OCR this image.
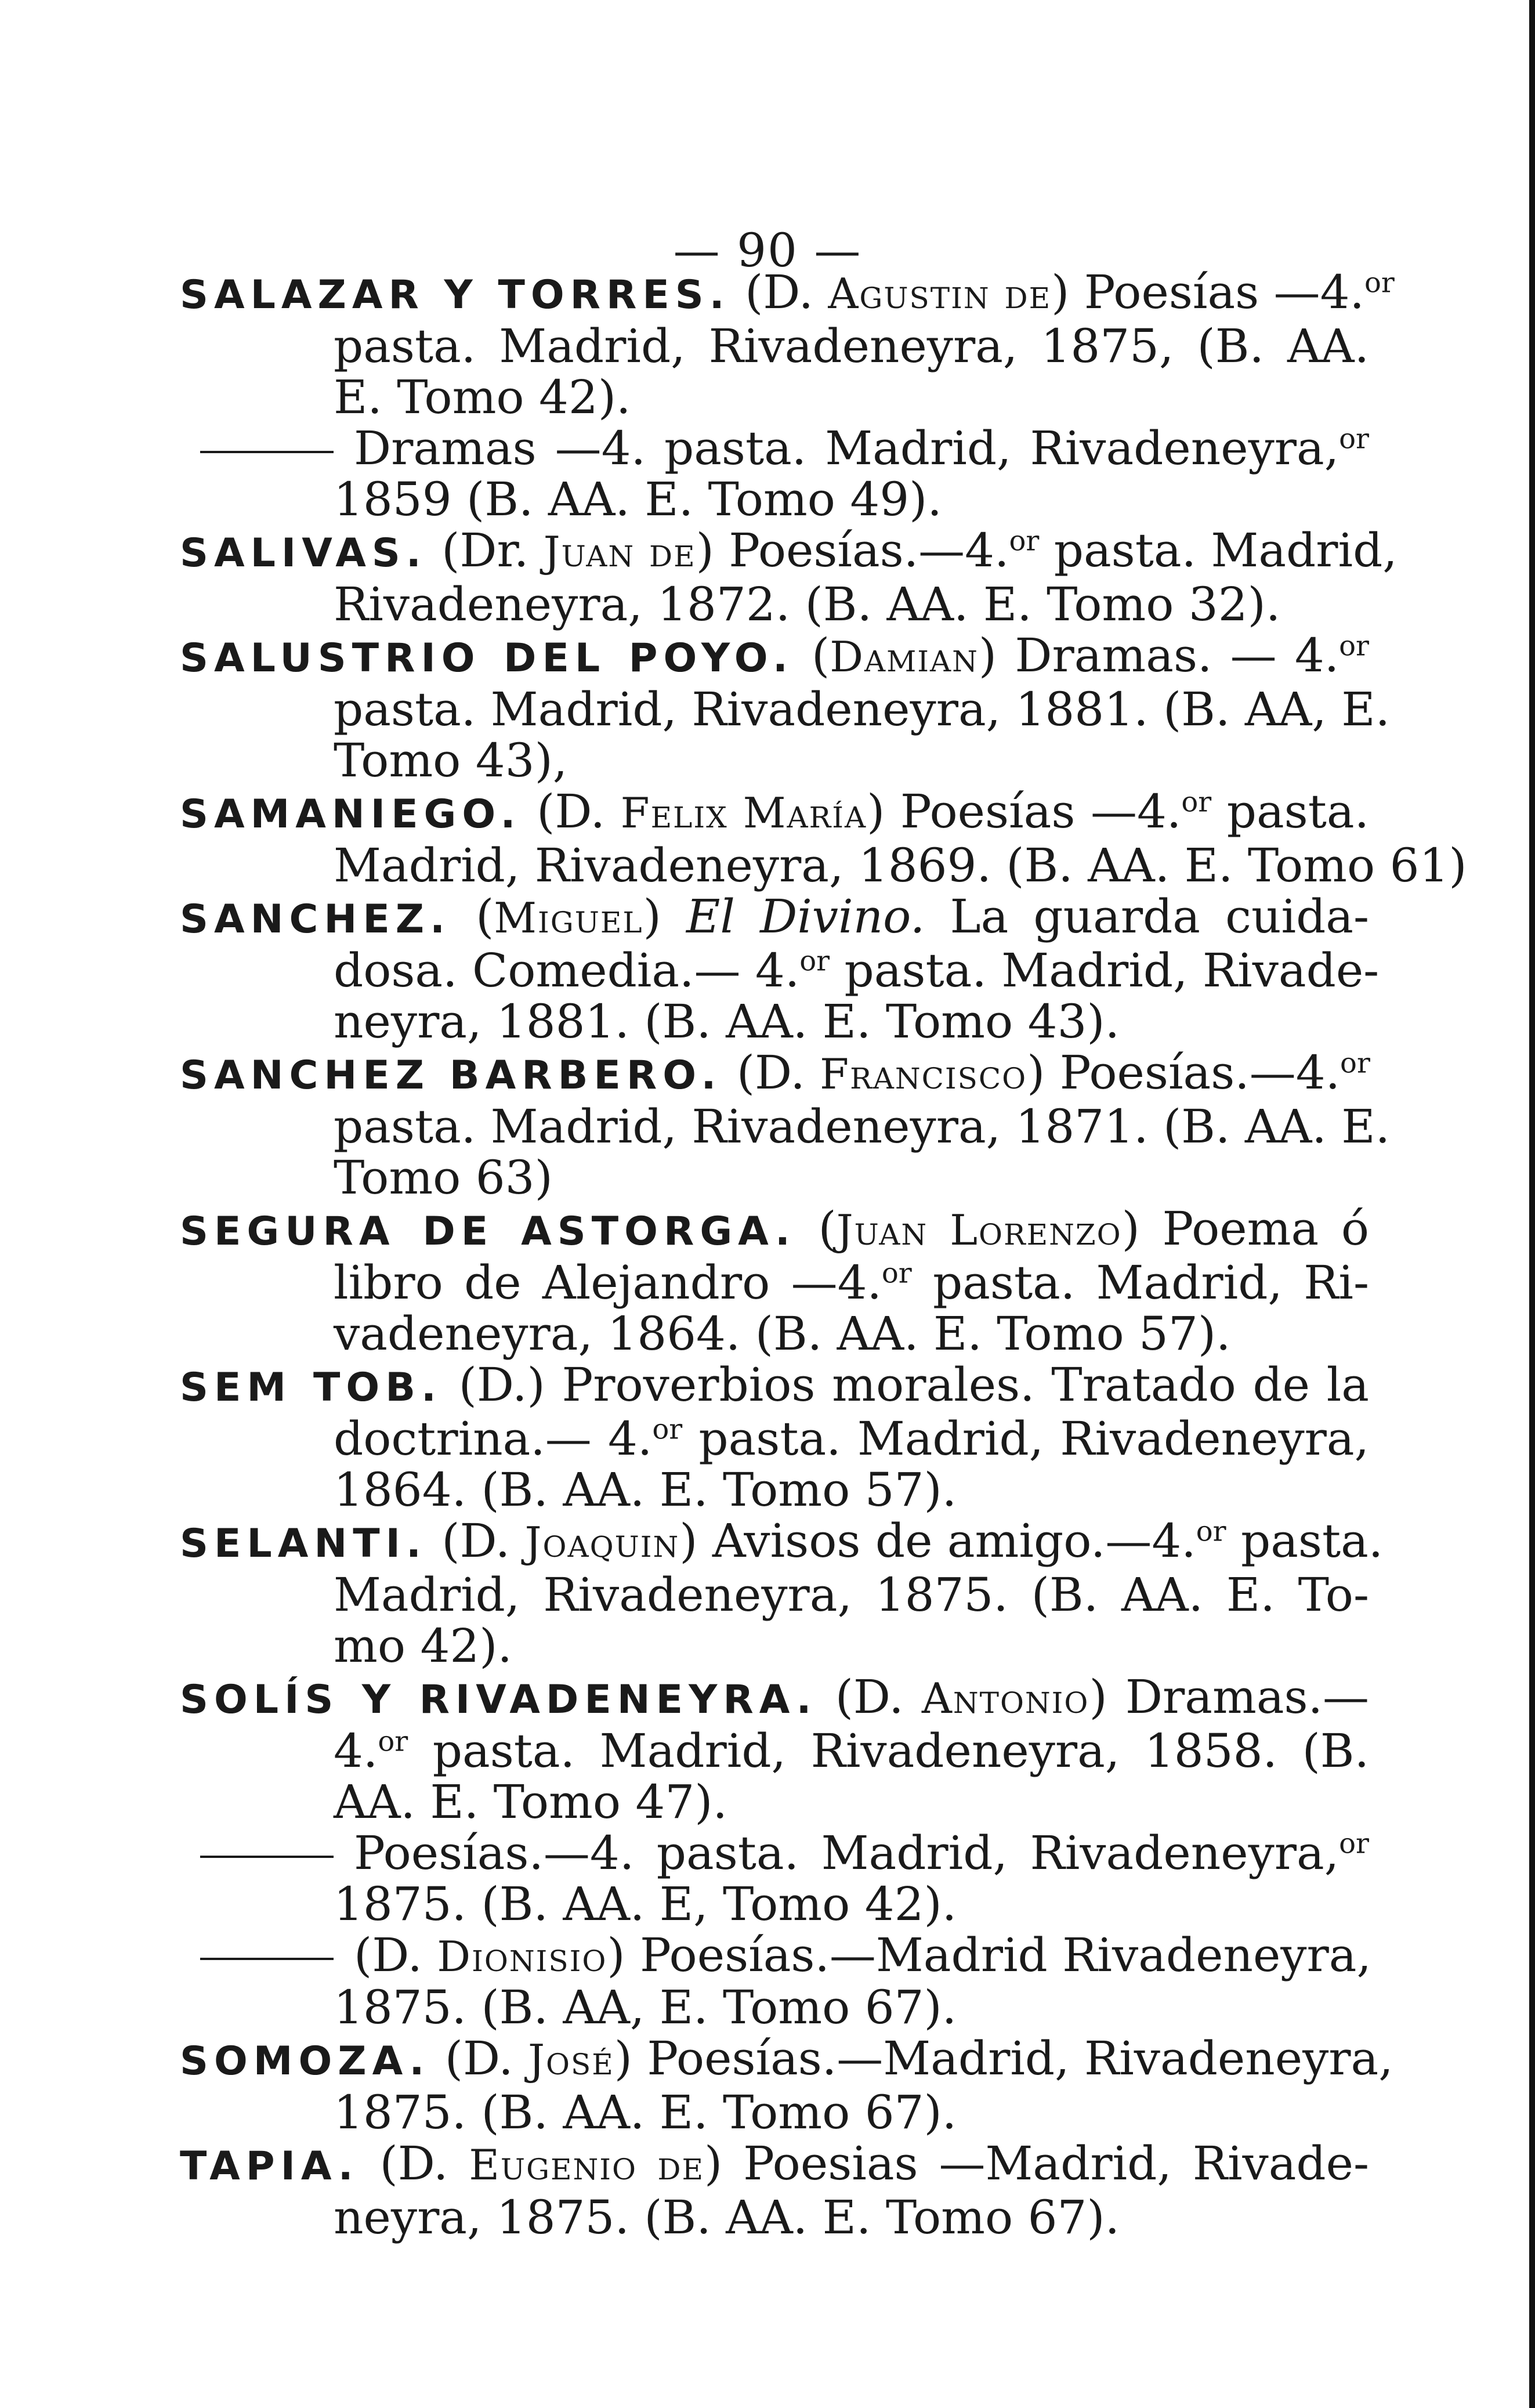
— 90 —
SALAZAR Y TORRES. (D. Agustin de) Poesías —4.$^{or}$
pasta. Madrid, Rivadeneyra, 1875, (B. AA.
E. Tomo 42).
Dramas —4. pasta. Madrid, Rivadeneyra,$^{or}$
1859 (B. AA. E. Tomo 49).
SALIVAS. (Dr. Juan de) Poesías.—4.$^{or}$ pasta. Madrid,
Rivadeneyra, 1872. (B. AA. E. Tomo 32).
SALUSTRIO DEL POYO. (Damian) Dramas. — 4.$^{or}$
pasta. Madrid, Rivadeneyra, 1881. (B. AA, E.
Tomo 43),
SAMANIEGO. (D. Felix María) Poesías —4.$^{or}$ pasta.
Madrid, Rivadeneyra, 1869. (B. AA. E. Tomo 61)
SANCHEZ. (Miguel) El Divino. La guarda cuida-
dosa. Comedia.— 4.$^{or}$ pasta. Madrid, Rivade-
neyra, 1881. (B. AA. E. Tomo 43).
SANCHEZ BARBERO. (D. Francisco) Poesías.—4.$^{or}$
pasta. Madrid, Rivadeneyra, 1871. (B. AA. E.
Tomo 63)
SEGURA DE ASTORGA. (Juan Lorenzo) Poema ó
libro de Alejandro —4.$^{or}$ pasta. Madrid, Ri-
vadeneyra, 1864. (B. AA. E. Tomo 57).
SEM TOB. (D.) Proverbios morales. Tratado de la
doctrina.— 4.$^{or}$ pasta. Madrid, Rivadeneyra,
1864. (B. AA. E. Tomo 57).
SELANTI. (D. Joaquin) Avisos de amigo.—4.$^{or}$ pasta.
Madrid, Rivadeneyra, 1875. (B. AA. E. To-
mo 42).
SOLÍS Y RIVADENEYRA. (D. Antonio) Dramas.—
4.$^{or}$ pasta. Madrid, Rivadeneyra, 1858. (B.
AA. E. Tomo 47).
Poesías.—4. pasta. Madrid, Rivadeneyra,$^{or}$
1875. (B. AA. E, Tomo 42).
(D. Dionisio) Poesías.—Madrid Rivadeneyra,
1875. (B. AA, E. Tomo 67).
SOMOZA. (D. José) Poesías.—Madrid, Rivadeneyra,
1875. (B. AA. E. Tomo 67).
TAPIA. (D. Eugenio de) Poesias —Madrid, Rivade-
neyra, 1875. (B. AA. E. Tomo 67).
